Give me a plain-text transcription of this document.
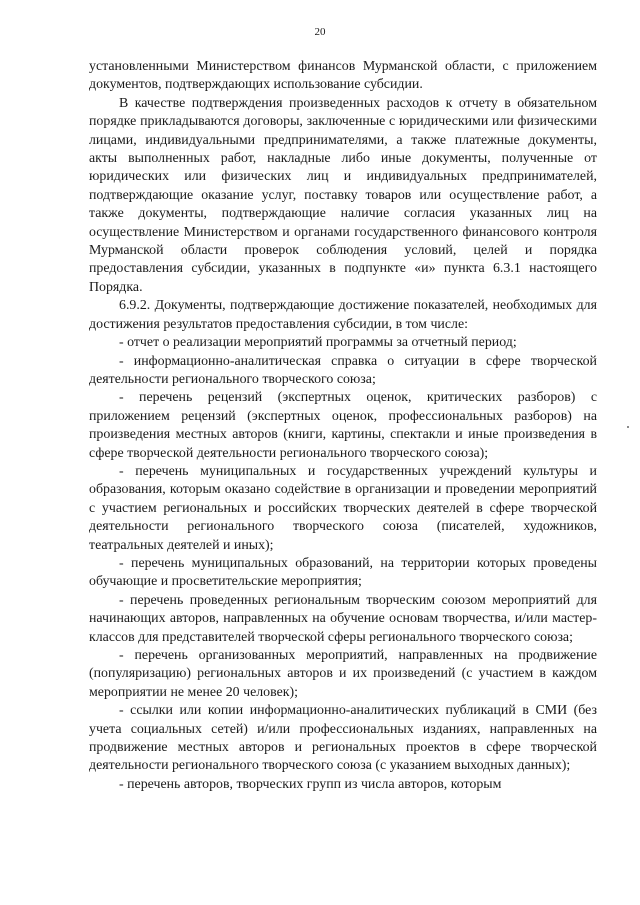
20

установленными Министерством финансов Мурманской области, с приложением документов, подтверждающих использование субсидии.

В качестве подтверждения произведенных расходов к отчету в обязательном порядке прикладываются договоры, заключенные с юридическими или физическими лицами, индивидуальными предпринимателями, а также платежные документы, акты выполненных работ, накладные либо иные документы, полученные от юридических или физических лиц и индивидуальных предпринимателей, подтверждающие оказание услуг, поставку товаров или осуществление работ, а также документы, подтверждающие наличие согласия указанных лиц на осуществление Министерством и органами государственного финансового контроля Мурманской области проверок соблюдения условий, целей и порядка предоставления субсидии, указанных в подпункте «и» пункта 6.3.1 настоящего Порядка.

6.9.2. Документы, подтверждающие достижение показателей, необходимых для достижения результатов предоставления субсидии, в том числе:

- отчет о реализации мероприятий программы за отчетный период;

- информационно-аналитическая справка о ситуации в сфере творческой деятельности регионального творческого союза;

- перечень рецензий (экспертных оценок, критических разборов) с приложением рецензий (экспертных оценок, профессиональных разборов) на произведения местных авторов (книги, картины, спектакли и иные произведения в сфере творческой деятельности регионального творческого союза);

- перечень муниципальных и государственных учреждений культуры и образования, которым оказано содействие в организации и проведении мероприятий с участием региональных и российских творческих деятелей в сфере творческой деятельности регионального творческого союза (писателей, художников, театральных деятелей и иных);

- перечень муниципальных образований, на территории которых проведены обучающие и просветительские мероприятия;

- перечень проведенных региональным творческим союзом мероприятий для начинающих авторов, направленных на обучение основам творчества, и/или мастер-классов для представителей творческой сферы регионального творческого союза;

- перечень организованных мероприятий, направленных на продвижение (популяризацию) региональных авторов и их произведений (с участием в каждом мероприятии не менее 20 человек);

- ссылки или копии информационно-аналитических публикаций в СМИ (без учета социальных сетей) и/или профессиональных изданиях, направленных на продвижение местных авторов и региональных проектов в сфере творческой деятельности регионального творческого союза (с указанием выходных данных);

- перечень авторов, творческих групп из числа авторов, которым
